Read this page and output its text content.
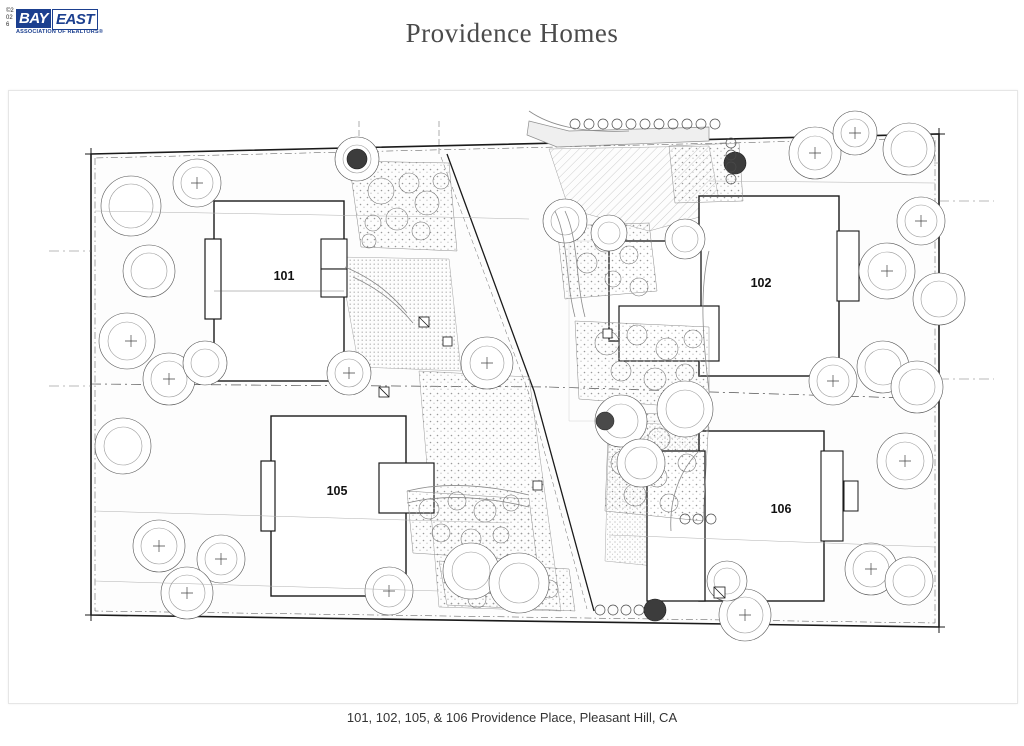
©2026 BAY EAST
ASSOCIATION OF REALTORS®	Providence Homes
101	102
105
106
101, 102, 105, & 106 Providence Place, Pleasant Hill, CA
